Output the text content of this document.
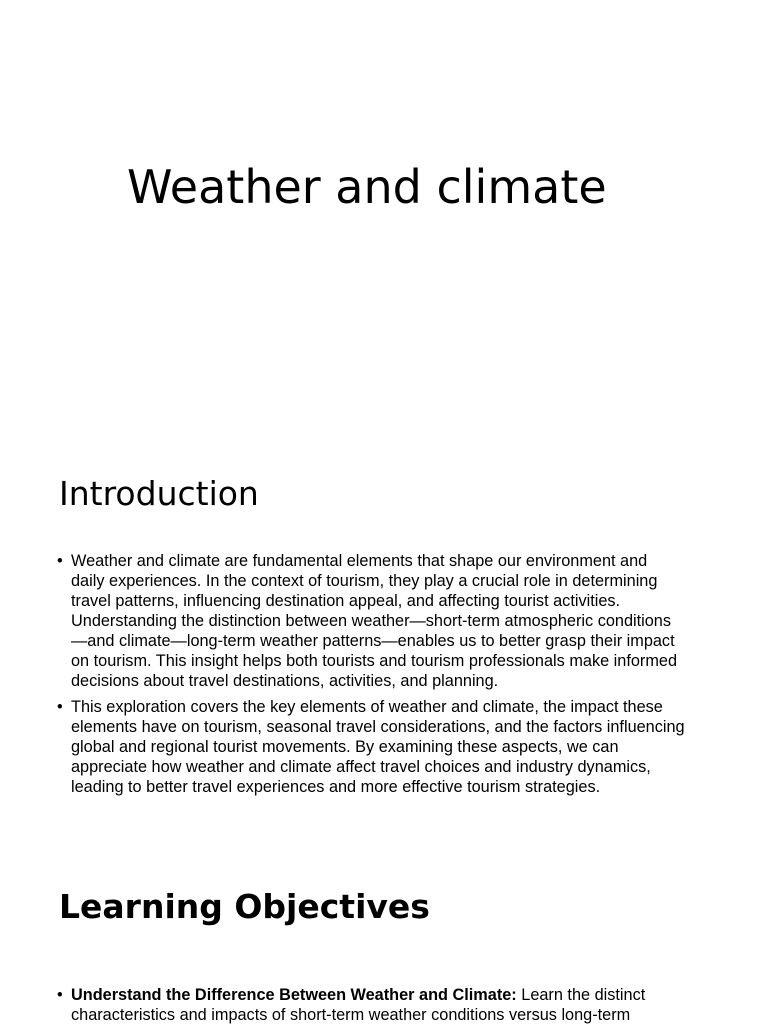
Weather and climate
Introduction
• Weather and climate are fundamental elements that shape our environment and
daily experiences. In the context of tourism, they play a crucial role in determining
travel patterns, influencing destination appeal, and affecting tourist activities.
Understanding the distinction between weather—short-term atmospheric conditions
—and climate—long-term weather patterns—enables us to better grasp their impact
on tourism. This insight helps both tourists and tourism professionals make informed
decisions about travel destinations, activities, and planning.
• This exploration covers the key elements of weather and climate, the impact these
elements have on tourism, seasonal travel considerations, and the factors influencing
global and regional tourist movements. By examining these aspects, we can
appreciate how weather and climate affect travel choices and industry dynamics,
leading to better travel experiences and more effective tourism strategies.
Learning Objectives
• Understand the Difference Between Weather and Climate: Learn the distinct
characteristics and impacts of short-term weather conditions versus long-term
